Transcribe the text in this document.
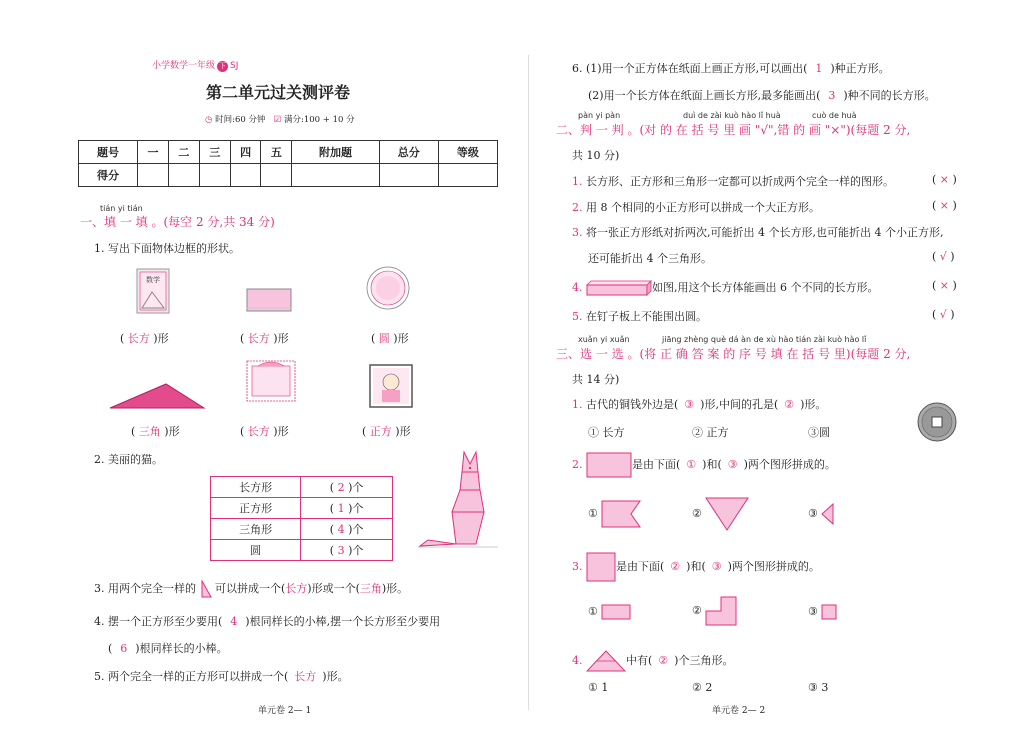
小学数学一年级 下 SJ
第二单元过关测评卷
◷ 时间:60 分钟 ☑ 满分:100 + 10 分
题号	一	二	三	四	五	附加题	总分	等级
得分								
tián yi tián
一、填 一 填 。(每空 2 分,共 34 分)
1. 写出下面物体边框的形状。
数学
( 长方 )形	( 长方 )形	( 圆 )形
( 三角 )形	( 长方 )形	( 正方 )形
2. 美丽的猫。
长方形	( 2 )个
正方形	( 1 )个
三角形	( 4 )个
圆	( 3 )个
3. 用两个完全一样的 可以拼成一个(长方)形或一个(三角)形。
4. 摆一个正方形至少要用( 4 )根同样长的小棒,摆一个长方形至少要用
( 6 )根同样长的小棒。
5. 两个完全一样的正方形可以拼成一个( 长方 )形。
单元卷 2— 1
6. (1)用一个正方体在纸面上画正方形,可以画出( 1 )种正方形。
(2)用一个长方体在纸面上画长方形,最多能画出( 3 )种不同的长方形。
pàn yi pàn	duì de zài kuò hào lǐ huà	cuò de huà
二、判 一 判 。(对 的 在 括 号 里 画 "√",错 的 画 "×")(每题 2 分,
共 10 分)
1. 长方形、正方形和三角形一定都可以折成两个完全一样的图形。	( × )
2. 用 8 个相同的小正方形可以拼成一个大正方形。	( × )
3. 将一张正方形纸对折两次,可能折出 4 个长方形,也可能折出 4 个小正方形,
还可能折出 4 个三角形。	( √ )
4.	如图,用这个长方体能画出 6 个不同的长方形。	( × )
5. 在钉子板上不能围出圆。	( √ )
xuǎn yi xuǎn	jiāng zhèng què dá àn de xù hào tián zài kuò hào lǐ
三、选 一 选 。(将 正 确 答 案 的 序 号 填 在 括 号 里)(每题 2 分,
共 14 分)
1. 古代的铜钱外边是( ③ )形,中间的孔是( ② )形。
① 长方	② 正方	③圆
2.	是由下面( ① )和( ③ )两个图形拼成的。
①	②	③
3.	是由下面( ② )和( ③ )两个图形拼成的。
①	②	③
4.	中有( ② )个三角形。
① 1	② 2	③ 3
单元卷 2— 2
